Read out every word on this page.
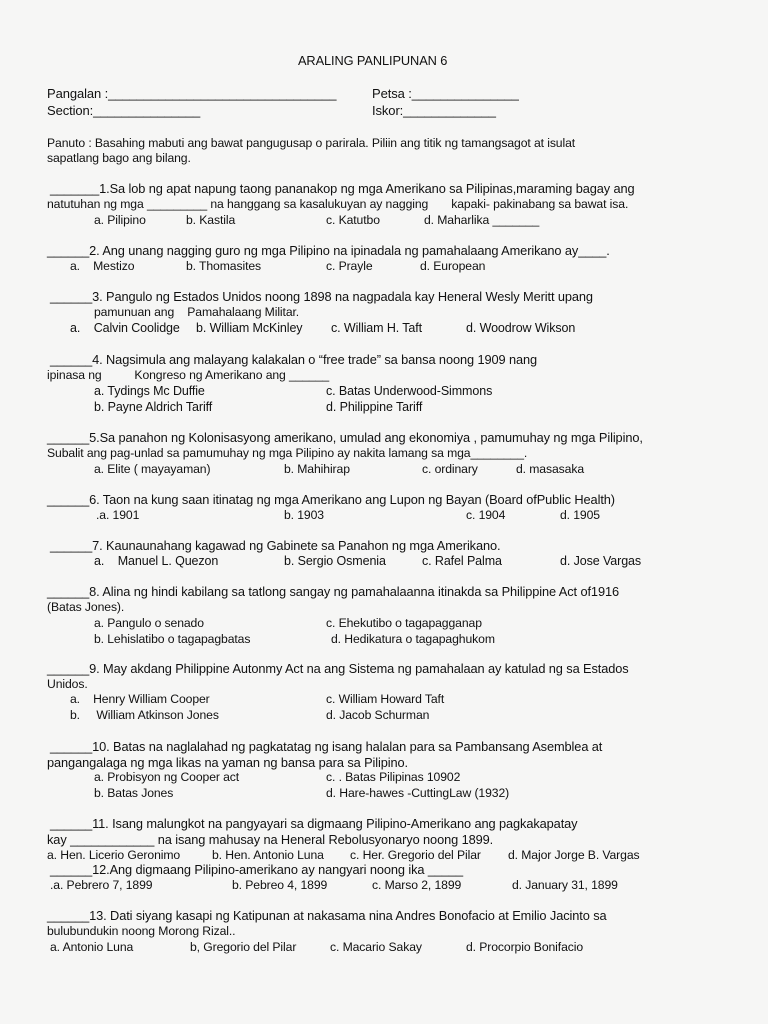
ARALING PANLIPUNAN 6
Pangalan :________________________________	Petsa :_______________
Section:_______________	Iskor:_____________
Panuto : Basahing mabuti ang bawat pangugusap o parirala. Piliin ang titik ng tamangsagot at isulat
sapatlang bago ang bilang.
_______1.Sa lob ng apat napung taong pananakop ng mga Amerikano sa Pilipinas,maraming bagay ang
natutuhan ng mga _________ na hanggang sa kasalukuyan ay nagging       kapaki- pakinabang sa bawat isa.
a. Pilipino	b. Kastila	c. Katutbo	d. Maharlika _______
______2. Ang unang nagging guro ng mga Pilipino na ipinadala ng pamahalaang Amerikano ay____.
a.    Mestizo	b. Thomasites	c. Prayle	d. European
______3. Pangulo ng Estados Unidos noong 1898 na nagpadala kay Heneral Wesly Meritt upang
pamunuan ang    Pamahalaang Militar.
a.    Calvin Coolidge b. William McKinley c. William H. Taft	d. Woodrow Wikson
______4. Nagsimula ang malayang kalakalan o “free trade” sa bansa noong 1909 nang
ipinasa ng          Kongreso ng Amerikano ang ______
a. Tydings Mc Duffie	c. Batas Underwood-Simmons
b. Payne Aldrich Tariff	d. Philippine Tariff
______5.Sa panahon ng Kolonisasyong amerikano, umulad ang ekonomiya , pamumuhay ng mga Pilipino,
Subalit ang pag-unlad sa pamumuhay ng mga Pilipino ay nakita lamang sa mga________.
a. Elite ( mayayaman)	b. Mahihirap	c. ordinary	d. masasaka
______6. Taon na kung saan itinatag ng mga Amerikano ang Lupon ng Bayan (Board ofPublic Health)
.a. 1901	b. 1903	c. 1904	d. 1905
______7. Kaunaunahang kagawad ng Gabinete sa Panahon ng mga Amerikano.
a.    Manuel L. Quezon	b. Sergio Osmenia	c. Rafel Palma	d. Jose Vargas
______8. Alina ng hindi kabilang sa tatlong sangay ng pamahalaanna itinakda sa Philippine Act of1916
(Batas Jones).
a. Pangulo o senado	c. Ehekutibo o tagapagganap
b. Lehislatibo o tagapagbatas	d. Hedikatura o tagapaghukom
______9. May akdang Philippine Autonmy Act na ang Sistema ng pamahalaan ay katulad ng sa Estados
Unidos.
a.    Henry William Cooper	c. William Howard Taft
b.     William Atkinson Jones	d. Jacob Schurman
______10. Batas na naglalahad ng pagkatatag ng isang halalan para sa Pambansang Asemblea at
pangangalaga ng mga likas na yaman ng bansa para sa Pilipino.
a. Probisyon ng Cooper act	c. . Batas Pilipinas 10902
b. Batas Jones	d. Hare-hawes -CuttingLaw (1932)
______11. Isang malungkot na pangyayari sa digmaang Pilipino-Amerikano ang pagkakapatay
kay ____________ na isang mahusay na Heneral Rebolusyonaryo noong 1899.
a. Hen. Licerio Geronimo	b. Hen. Antonio Luna c. Her. Gregorio del Pilar d. Major Jorge B. Vargas
______12.Ang digmaang Pilipino-amerikano ay nangyari noong ika _____
.a. Pebrero 7, 1899	b. Pebreo 4, 1899	c. Marso 2, 1899	d. January 31, 1899
______13. Dati siyang kasapi ng Katipunan at nakasama nina Andres Bonofacio at Emilio Jacinto sa
bulubundukin noong Morong Rizal..
a. Antonio Luna	b, Gregorio del Pilar	c. Macario Sakay	d. Procorpio Bonifacio
